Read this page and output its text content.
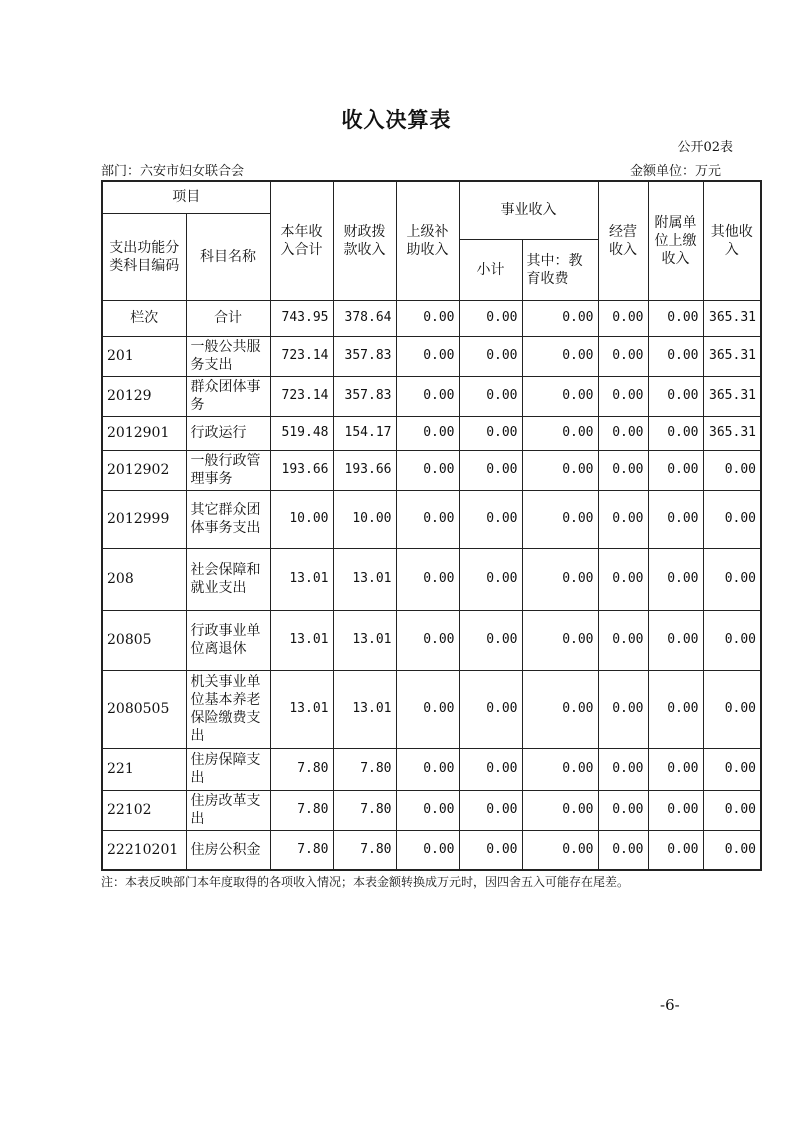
收入决算表
公开02表
部门：六安市妇女联合会	金额单位：万元
项目		本年收入合计	财政拨款收入	上级补助收入	事业收入		经营收入	附属单位上缴收入	其他收入
支出功能分类科目编码	科目名称								
					小计	其中：教育收费			
栏次	合计	743.95	378.64	0.00	0.00	0.00	0.00	0.00	365.31
201	一般公共服务支出	723.14	357.83	0.00	0.00	0.00	0.00	0.00	365.31
20129	群众团体事务	723.14	357.83	0.00	0.00	0.00	0.00	0.00	365.31
2012901	行政运行	519.48	154.17	0.00	0.00	0.00	0.00	0.00	365.31
2012902	一般行政管理事务	193.66	193.66	0.00	0.00	0.00	0.00	0.00	0.00
2012999	其它群众团体事务支出	10.00	10.00	0.00	0.00	0.00	0.00	0.00	0.00
208	社会保障和就业支出	13.01	13.01	0.00	0.00	0.00	0.00	0.00	0.00
20805	行政事业单位离退休	13.01	13.01	0.00	0.00	0.00	0.00	0.00	0.00
2080505	机关事业单位基本养老保险缴费支出	13.01	13.01	0.00	0.00	0.00	0.00	0.00	0.00
221	住房保障支出	7.80	7.80	0.00	0.00	0.00	0.00	0.00	0.00
22102	住房改革支出	7.80	7.80	0.00	0.00	0.00	0.00	0.00	0.00
22210201	住房公积金	7.80	7.80	0.00	0.00	0.00	0.00	0.00	0.00
注：本表反映部门本年度取得的各项收入情况；本表金额转换成万元时，因四舍五入可能存在尾差。
-6-
